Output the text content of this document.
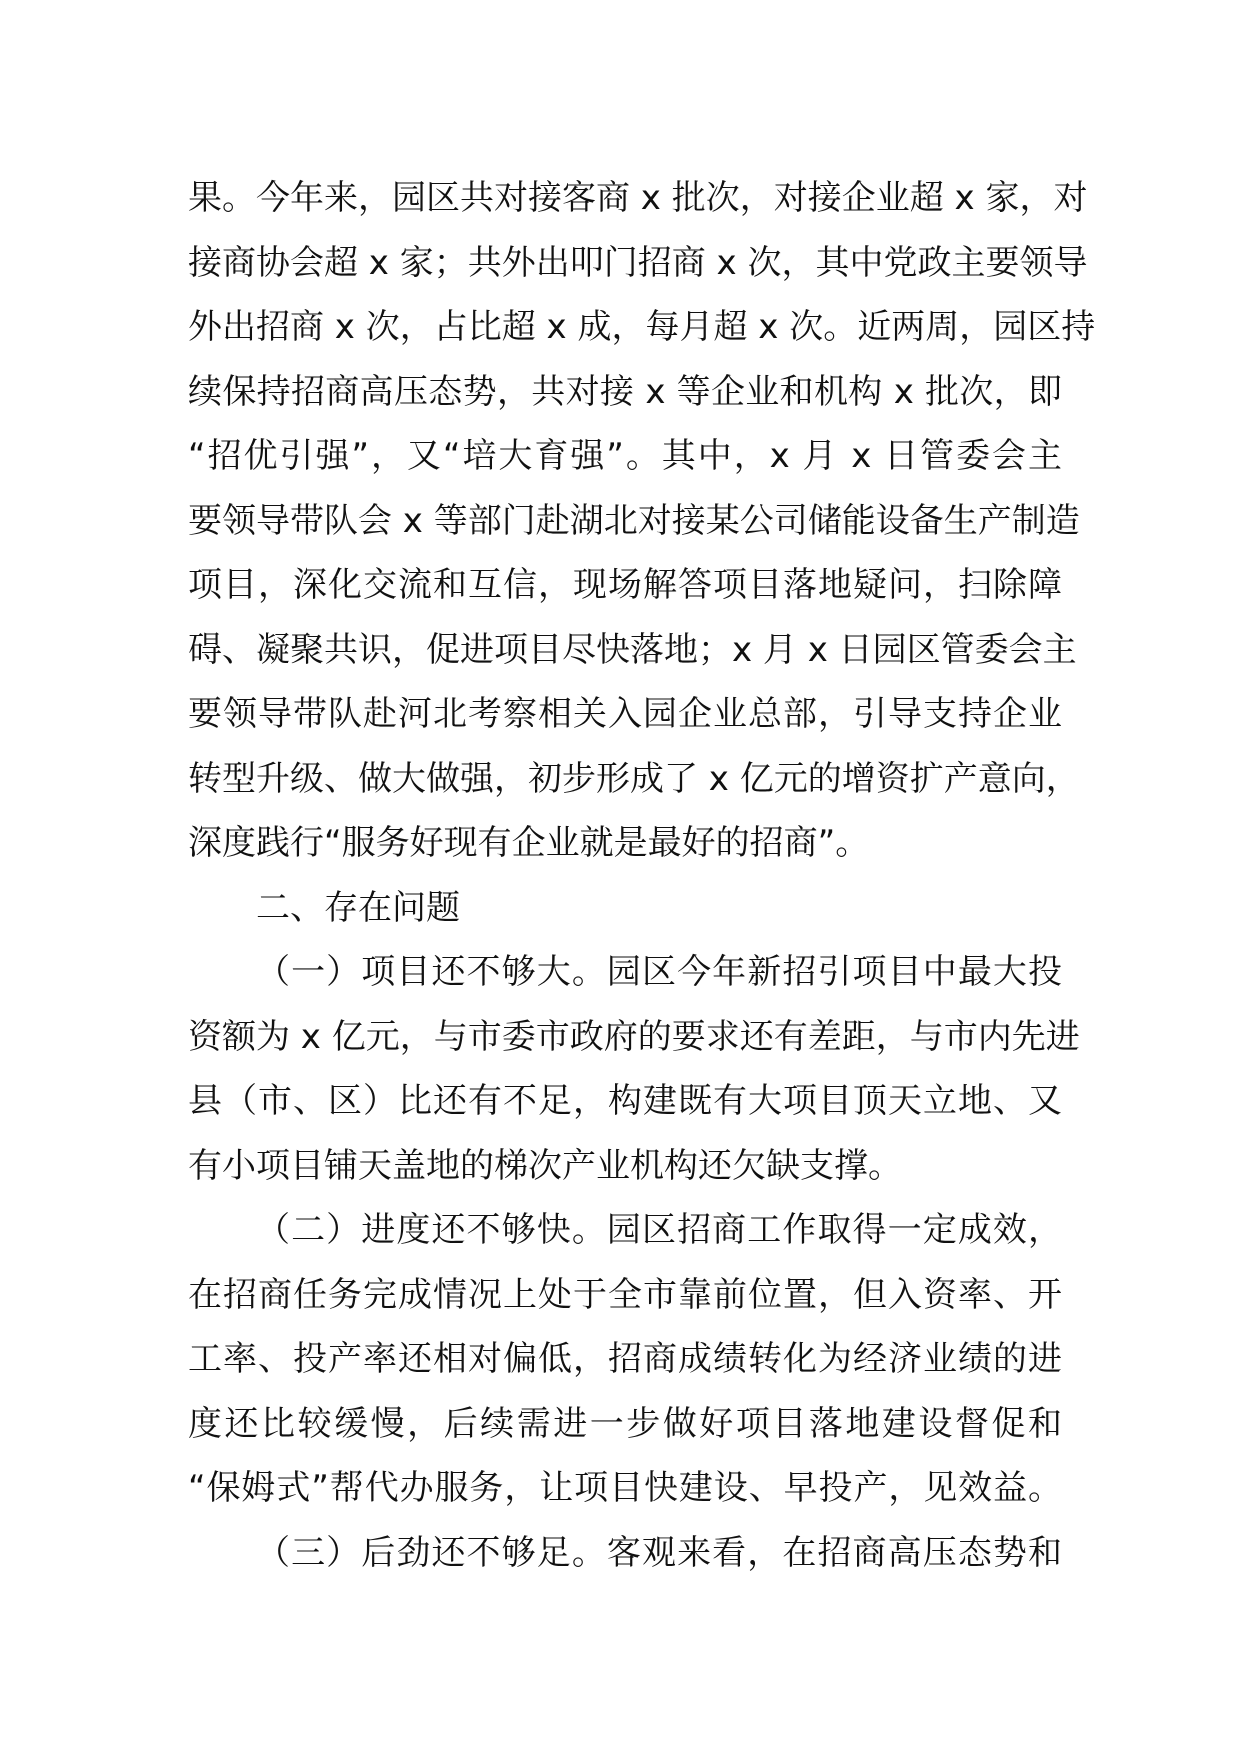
果。今年来，园区共对接客商 x 批次，对接企业超 x 家，对
接商协会超 x 家；共外出叩门招商 x 次，其中党政主要领导
外出招商 x 次，占比超 x 成，每月超 x 次。近两周，园区持
续保持招商高压态势，共对接 x 等企业和机构 x 批次，即
“招优引强”，又“培大育强”。其中，x 月 x 日管委会主
要领导带队会 x 等部门赴湖北对接某公司储能设备生产制造
项目，深化交流和互信，现场解答项目落地疑问，扫除障
碍、凝聚共识，促进项目尽快落地；x 月 x 日园区管委会主
要领导带队赴河北考察相关入园企业总部，引导支持企业
转型升级、做大做强，初步形成了 x 亿元的增资扩产意向，
深度践行“服务好现有企业就是最好的招商”。
二、存在问题
（一）项目还不够大。园区今年新招引项目中最大投
资额为 x 亿元，与市委市政府的要求还有差距，与市内先进
县（市、区）比还有不足，构建既有大项目顶天立地、又
有小项目铺天盖地的梯次产业机构还欠缺支撑。
（二）进度还不够快。园区招商工作取得一定成效，
在招商任务完成情况上处于全市靠前位置，但入资率、开
工率、投产率还相对偏低，招商成绩转化为经济业绩的进
度还比较缓慢，后续需进一步做好项目落地建设督促和
“保姆式”帮代办服务，让项目快建设、早投产，见效益。
（三）后劲还不够足。客观来看，在招商高压态势和
